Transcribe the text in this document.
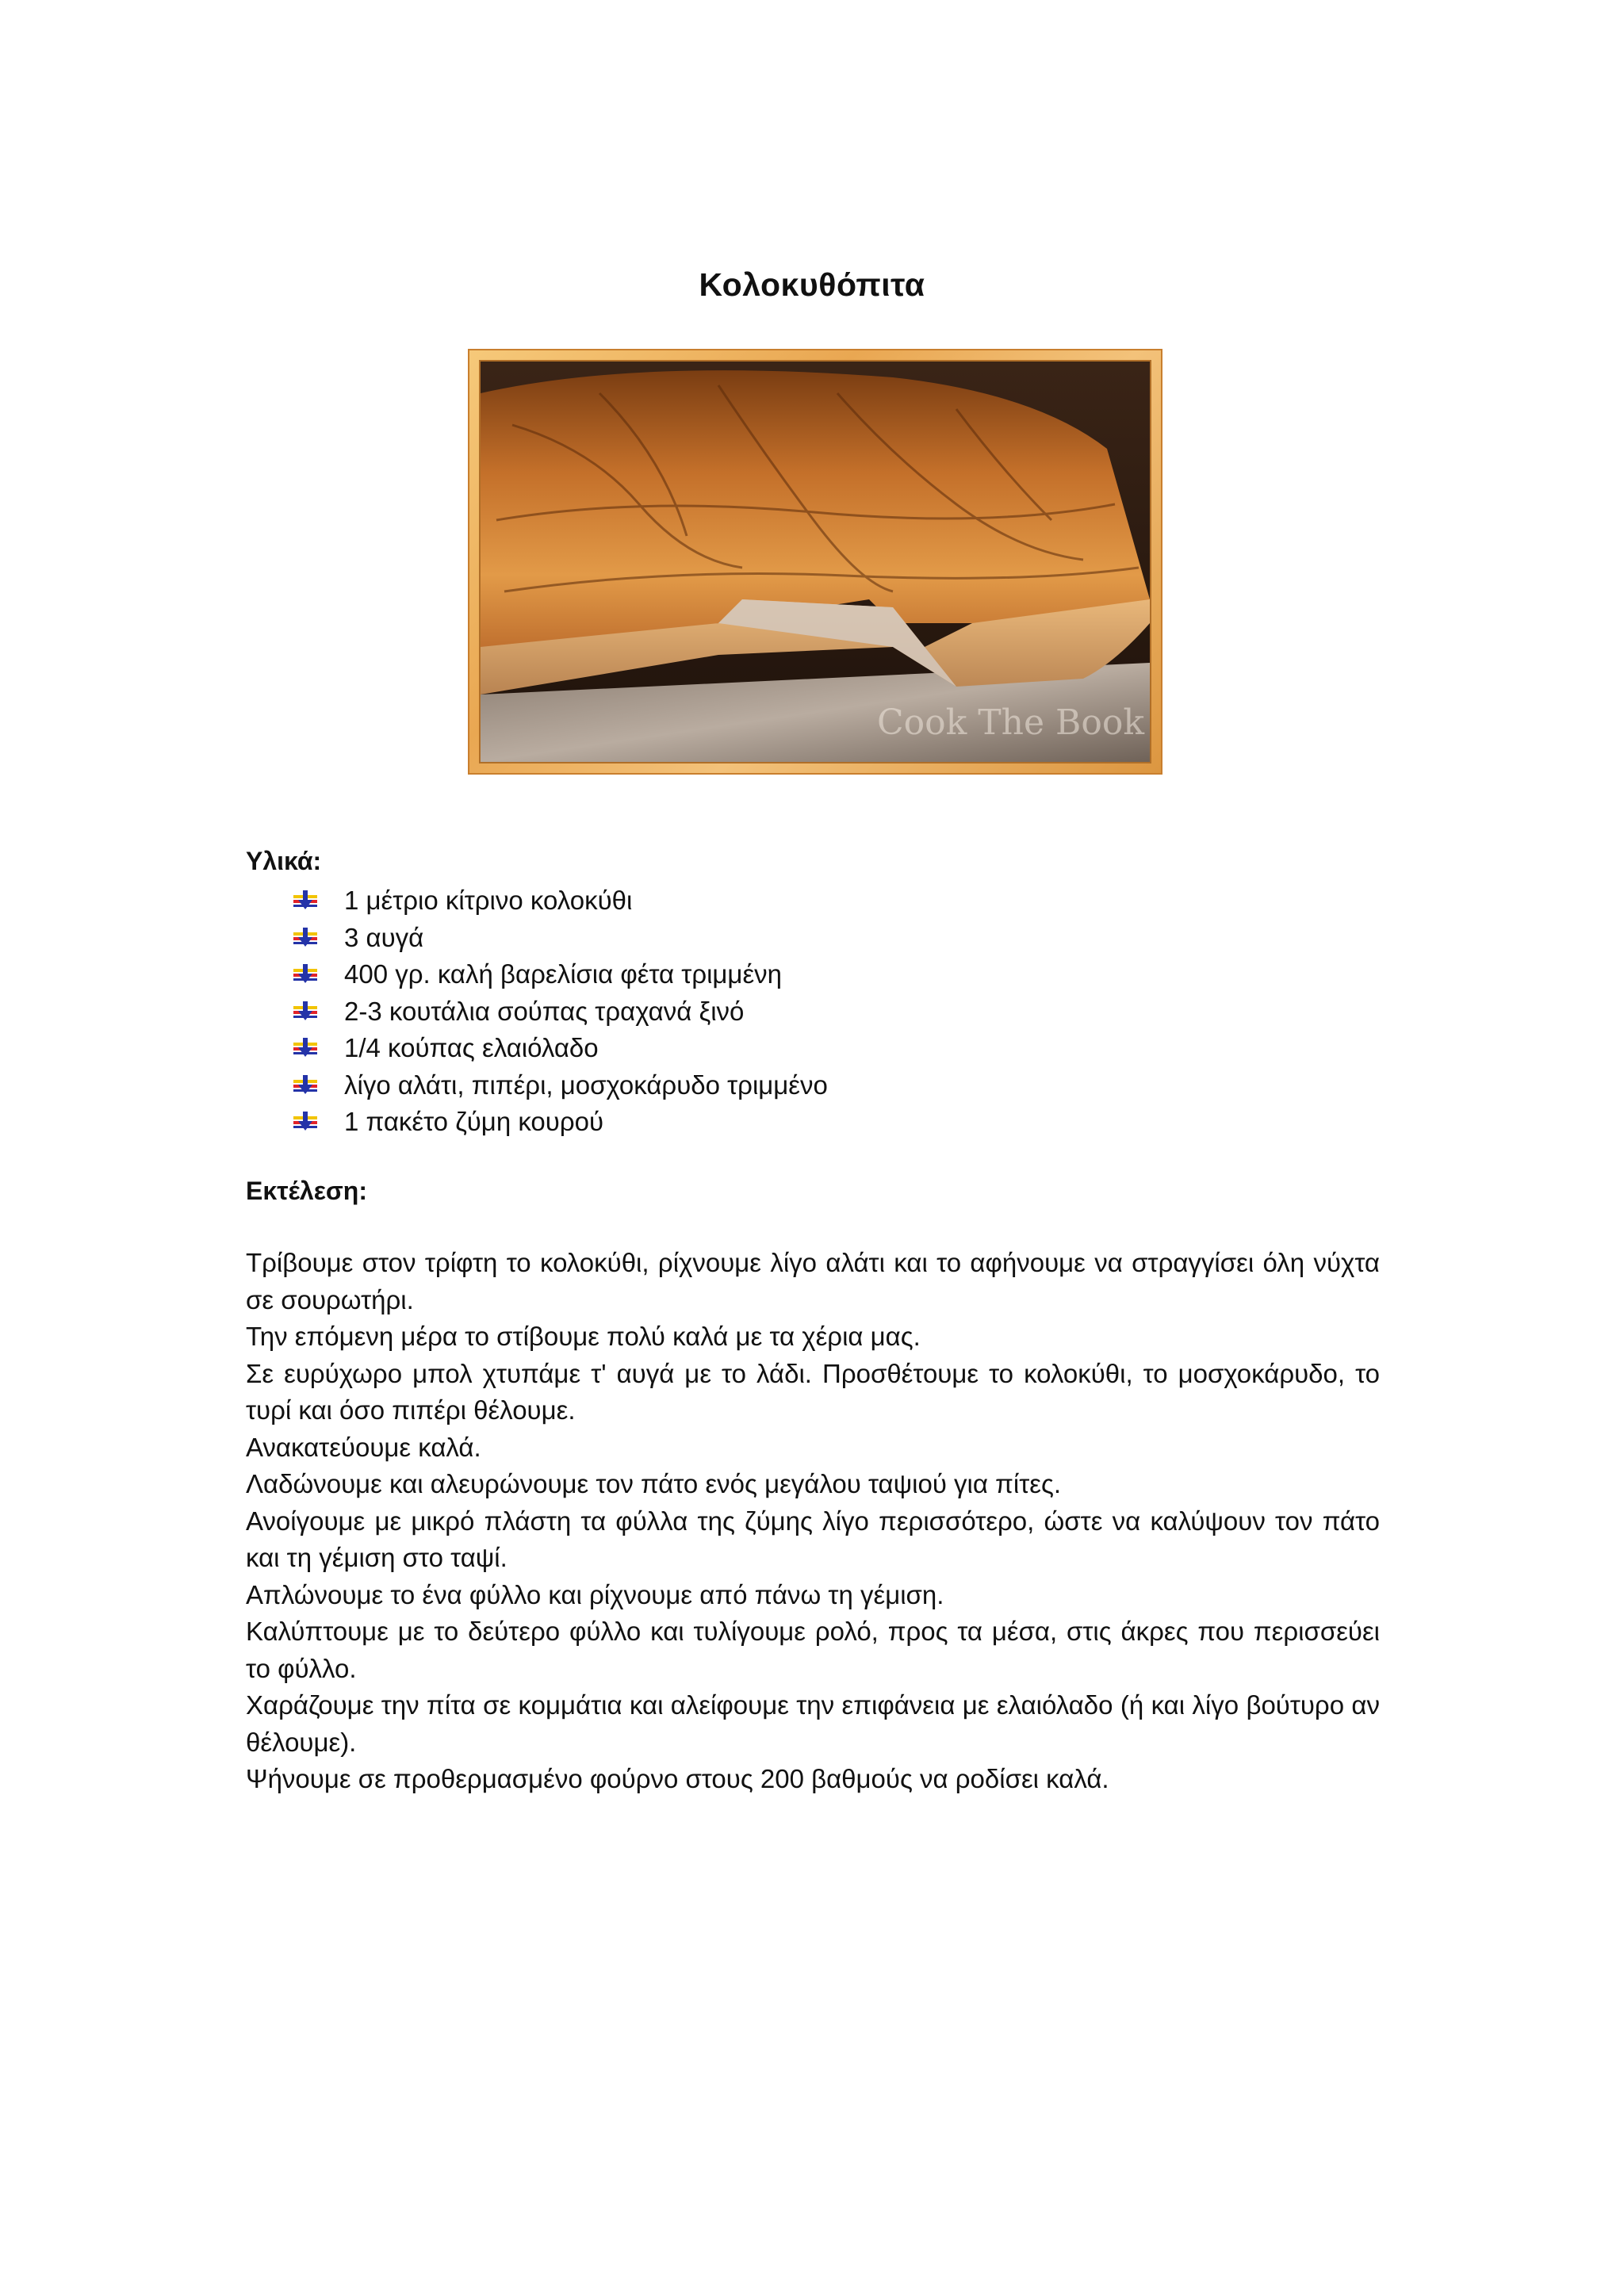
Κολοκυθόπιτα
Cook The Book
Υλικά:
1 μέτριο κίτρινο κολοκύθι
3 αυγά
400 γρ. καλή βαρελίσια φέτα τριμμένη
2-3 κουτάλια σούπας τραχανά ξινό
1/4 κούπας ελαιόλαδο
λίγο αλάτι, πιπέρι, μοσχοκάρυδο τριμμένο
1 πακέτο ζύμη κουρού
Εκτέλεση:

Τρίβουμε στον τρίφτη το κολοκύθι, ρίχνουμε λίγο αλάτι και το αφήνουμε να στραγγίσει όλη νύχτα σε σουρωτήρι.

Την επόμενη μέρα το στίβουμε πολύ καλά με τα χέρια μας.

Σε ευρύχωρο μπολ χτυπάμε τ' αυγά με το λάδι. Προσθέτουμε το κολοκύθι, το μοσχοκάρυδο, το τυρί και όσο πιπέρι θέλουμε.

Ανακατεύουμε καλά.

Λαδώνουμε και αλευρώνουμε τον πάτο ενός μεγάλου ταψιού για πίτες.

Ανοίγουμε με μικρό πλάστη τα φύλλα της ζύμης λίγο περισσότερο, ώστε να καλύψουν τον πάτο και τη γέμιση στο ταψί.

Απλώνουμε το ένα φύλλο και ρίχνουμε από πάνω τη γέμιση.

Καλύπτουμε με το δεύτερο φύλλο και τυλίγουμε ρολό, προς τα μέσα, στις άκρες που περισσεύει το φύλλο.

Χαράζουμε την πίτα σε κομμάτια και αλείφουμε την επιφάνεια με ελαιόλαδο (ή και λίγο βούτυρο αν θέλουμε).

Ψήνουμε σε προθερμασμένο φούρνο στους 200 βαθμούς να ροδίσει καλά.
